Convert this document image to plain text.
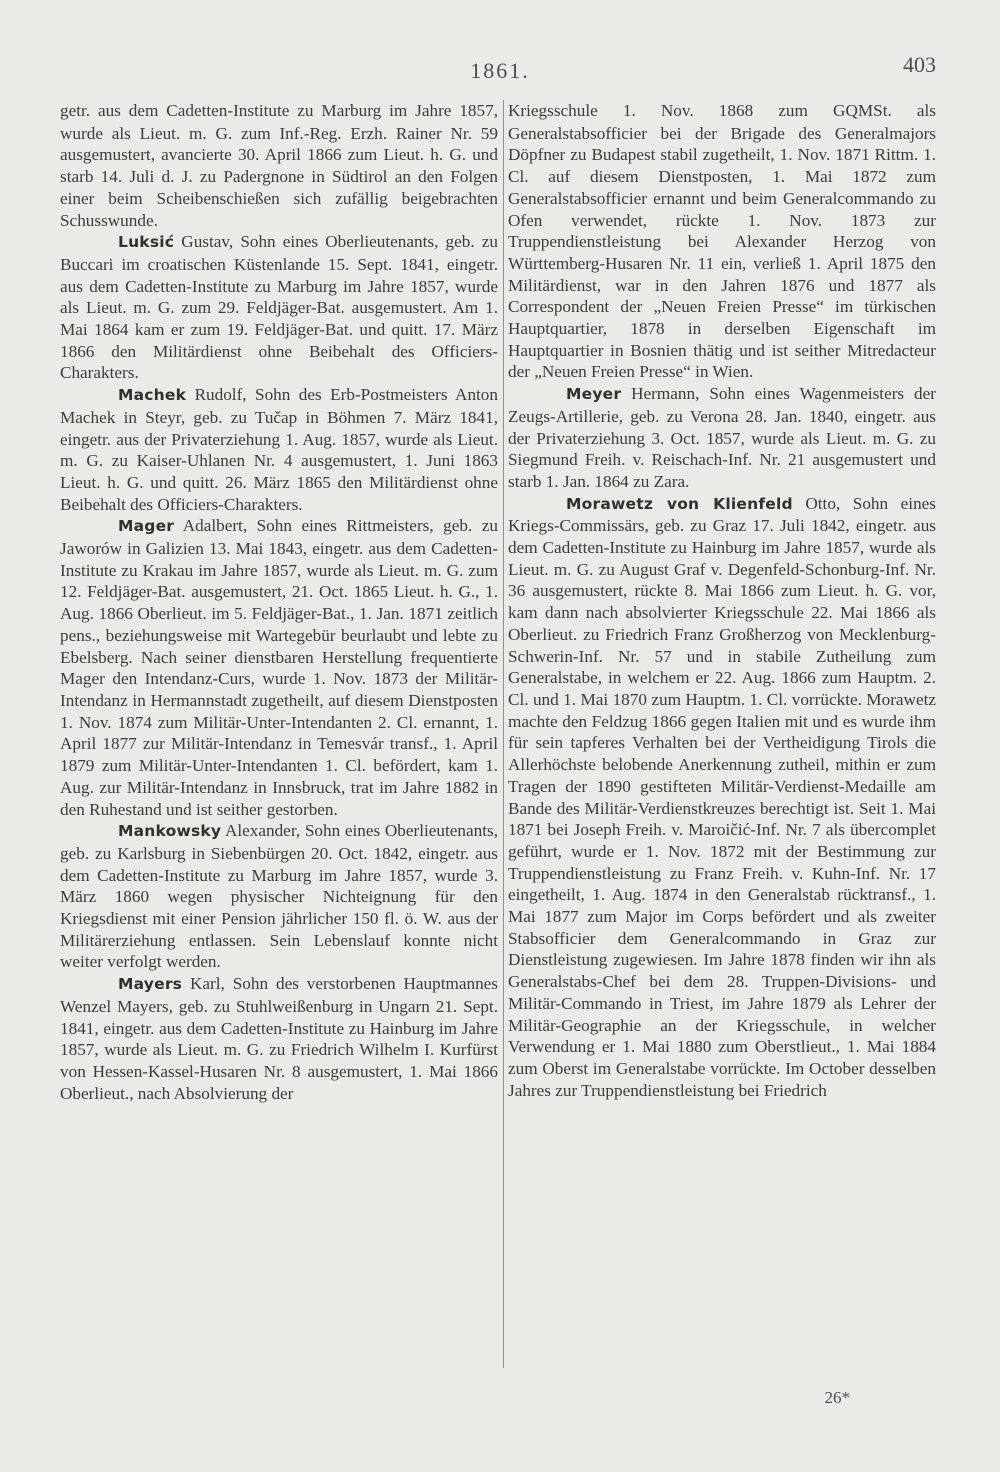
1861.	403

getr. aus dem Cadetten-Institute zu Marburg im Jahre 1857, wurde als Lieut. m. G. zum Inf.-Reg. Erzh. Rainer Nr. 59 ausgemustert, avancierte 30. April 1866 zum Lieut. h. G. und starb 14. Juli d. J. zu Padergnone in Südtirol an den Folgen einer beim Scheibenschießen sich zufällig beigebrachten Schusswunde.

Luksić Gustav, Sohn eines Oberlieutenants, geb. zu Buccari im croatischen Küstenlande 15. Sept. 1841, eingetr. aus dem Cadetten-Institute zu Marburg im Jahre 1857, wurde als Lieut. m. G. zum 29. Feldjäger-Bat. ausgemustert. Am 1. Mai 1864 kam er zum 19. Feldjäger-Bat. und quitt. 17. März 1866 den Militärdienst ohne Beibehalt des Officiers-Charakters.

Machek Rudolf, Sohn des Erb-Postmeisters Anton Machek in Steyr, geb. zu Tučap in Böhmen 7. März 1841, eingetr. aus der Privaterziehung 1. Aug. 1857, wurde als Lieut. m. G. zu Kaiser-Uhlanen Nr. 4 ausgemustert, 1. Juni 1863 Lieut. h. G. und quitt. 26. März 1865 den Militärdienst ohne Beibehalt des Officiers-Charakters.

Mager Adalbert, Sohn eines Rittmeisters, geb. zu Jaworów in Galizien 13. Mai 1843, eingetr. aus dem Cadetten-Institute zu Krakau im Jahre 1857, wurde als Lieut. m. G. zum 12. Feldjäger-Bat. ausgemustert, 21. Oct. 1865 Lieut. h. G., 1. Aug. 1866 Oberlieut. im 5. Feldjäger-Bat., 1. Jan. 1871 zeitlich pens., beziehungsweise mit Wartegebür beurlaubt und lebte zu Ebelsberg. Nach seiner dienstbaren Herstellung frequentierte Mager den Intendanz-Curs, wurde 1. Nov. 1873 der Militär-Intendanz in Hermannstadt zugetheilt, auf diesem Dienstposten 1. Nov. 1874 zum Militär-Unter-Intendanten 2. Cl. ernannt, 1. April 1877 zur Militär-Intendanz in Temesvár transf., 1. April 1879 zum Militär-Unter-Intendanten 1. Cl. befördert, kam 1. Aug. zur Militär-Intendanz in Innsbruck, trat im Jahre 1882 in den Ruhestand und ist seither gestorben.

Mankowsky Alexander, Sohn eines Oberlieutenants, geb. zu Karlsburg in Siebenbürgen 20. Oct. 1842, eingetr. aus dem Cadetten-Institute zu Marburg im Jahre 1857, wurde 3. März 1860 wegen physischer Nichteignung für den Kriegsdienst mit einer Pension jährlicher 150 fl. ö. W. aus der Militärerziehung entlassen. Sein Lebenslauf konnte nicht weiter verfolgt werden.

Mayers Karl, Sohn des verstorbenen Hauptmannes Wenzel Mayers, geb. zu Stuhlweißenburg in Ungarn 21. Sept. 1841, eingetr. aus dem Cadetten-Institute zu Hainburg im Jahre 1857, wurde als Lieut. m. G. zu Friedrich Wilhelm I. Kurfürst von Hessen-Kassel-Husaren Nr. 8 ausgemustert, 1. Mai 1866 Oberlieut., nach Absolvierung der

Kriegsschule 1. Nov. 1868 zum GQMSt. als Generalstabsofficier bei der Brigade des Generalmajors Döpfner zu Budapest stabil zugetheilt, 1. Nov. 1871 Rittm. 1. Cl. auf diesem Dienstposten, 1. Mai 1872 zum Generalstabsofficier ernannt und beim Generalcommando zu Ofen verwendet, rückte 1. Nov. 1873 zur Truppendienstleistung bei Alexander Herzog von Württemberg-Husaren Nr. 11 ein, verließ 1. April 1875 den Militärdienst, war in den Jahren 1876 und 1877 als Correspondent der „Neuen Freien Presse“ im türkischen Hauptquartier, 1878 in derselben Eigenschaft im Hauptquartier in Bosnien thätig und ist seither Mitredacteur der „Neuen Freien Presse“ in Wien.

Meyer Hermann, Sohn eines Wagenmeisters der Zeugs-Artillerie, geb. zu Verona 28. Jan. 1840, eingetr. aus der Privaterziehung 3. Oct. 1857, wurde als Lieut. m. G. zu Siegmund Freih. v. Reischach-Inf. Nr. 21 ausgemustert und starb 1. Jan. 1864 zu Zara.

Morawetz von Klienfeld Otto, Sohn eines Kriegs-Commissärs, geb. zu Graz 17. Juli 1842, eingetr. aus dem Cadetten-Institute zu Hainburg im Jahre 1857, wurde als Lieut. m. G. zu August Graf v. Degenfeld-Schonburg-Inf. Nr. 36 ausgemustert, rückte 8. Mai 1866 zum Lieut. h. G. vor, kam dann nach absolvierter Kriegsschule 22. Mai 1866 als Oberlieut. zu Friedrich Franz Großherzog von Mecklenburg-Schwerin-Inf. Nr. 57 und in stabile Zutheilung zum Generalstabe, in welchem er 22. Aug. 1866 zum Hauptm. 2. Cl. und 1. Mai 1870 zum Hauptm. 1. Cl. vorrückte. Morawetz machte den Feldzug 1866 gegen Italien mit und es wurde ihm für sein tapferes Verhalten bei der Vertheidigung Tirols die Allerhöchste belobende Anerkennung zutheil, mithin er zum Tragen der 1890 gestifteten Militär-Verdienst-Medaille am Bande des Militär-Verdienstkreuzes berechtigt ist. Seit 1. Mai 1871 bei Joseph Freih. v. Maroičić-Inf. Nr. 7 als übercomplet geführt, wurde er 1. Nov. 1872 mit der Bestimmung zur Truppendienstleistung zu Franz Freih. v. Kuhn-Inf. Nr. 17 eingetheilt, 1. Aug. 1874 in den Generalstab rücktransf., 1. Mai 1877 zum Major im Corps befördert und als zweiter Stabsofficier dem Generalcommando in Graz zur Dienstleistung zugewiesen. Im Jahre 1878 finden wir ihn als Generalstabs-Chef bei dem 28. Truppen-Divisions- und Militär-Commando in Triest, im Jahre 1879 als Lehrer der Militär-Geographie an der Kriegsschule, in welcher Verwendung er 1. Mai 1880 zum Oberstlieut., 1. Mai 1884 zum Oberst im Generalstabe vorrückte. Im October desselben Jahres zur Truppendienstleistung bei Friedrich

26*
